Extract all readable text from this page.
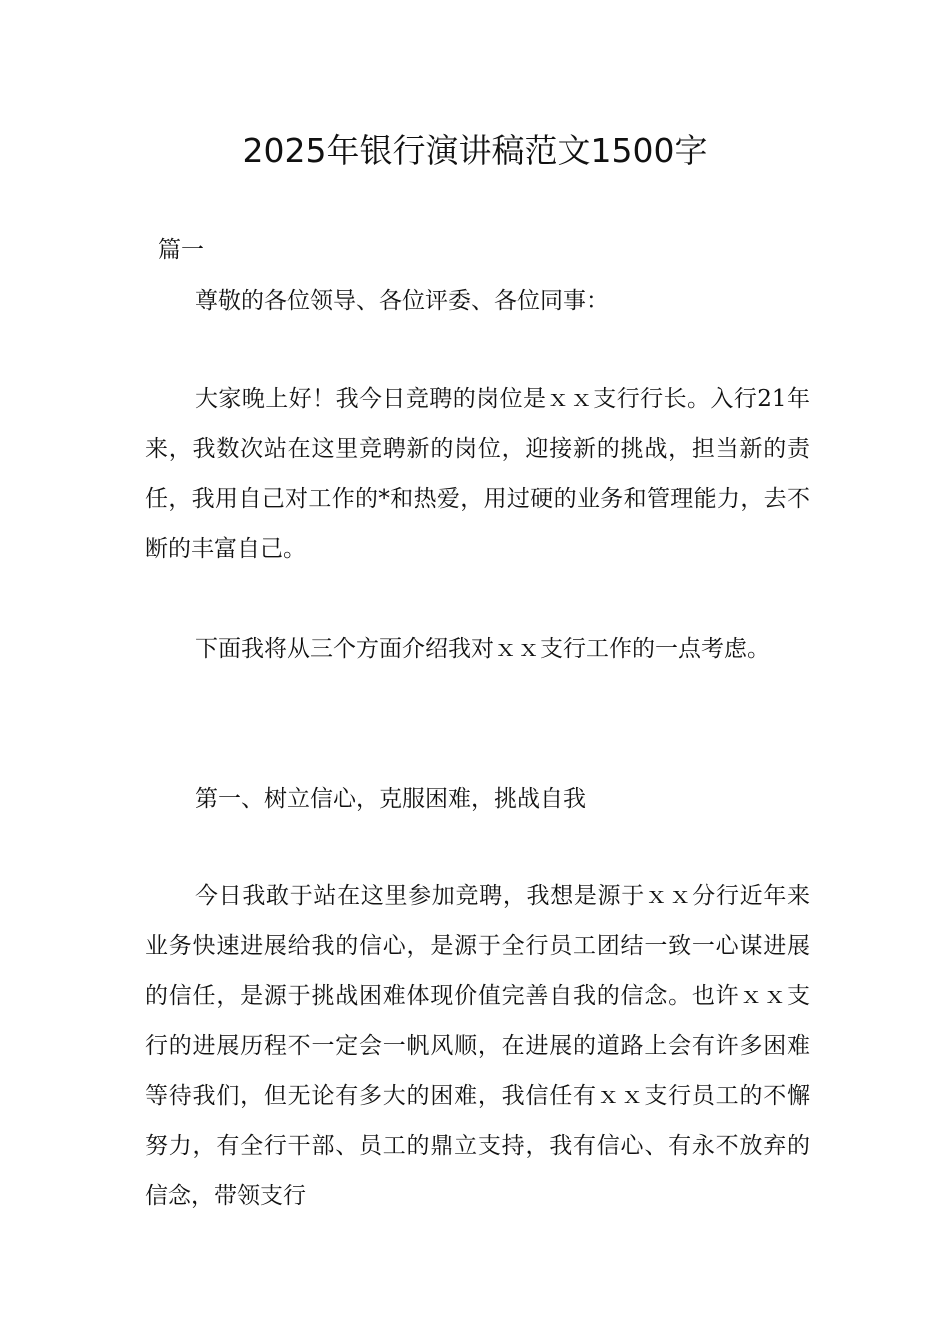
2025年银行演讲稿范文1500字

篇一

尊敬的各位领导、各位评委、各位同事：

大家晚上好！我今日竞聘的岗位是ｘｘ支行行长。入行21年来，我数次站在这里竞聘新的岗位，迎接新的挑战，担当新的责任，我用自己对工作的*和热爱，用过硬的业务和管理能力，去不断的丰富自己。

下面我将从三个方面介绍我对ｘｘ支行工作的一点考虑。

第一、树立信心，克服困难，挑战自我

今日我敢于站在这里参加竞聘，我想是源于ｘｘ分行近年来业务快速进展给我的信心，是源于全行员工团结一致一心谋进展的信任，是源于挑战困难体现价值完善自我的信念。也许ｘｘ支行的进展历程不一定会一帆风顺，在进展的道路上会有许多困难等待我们，但无论有多大的困难，我信任有ｘｘ支行员工的不懈努力，有全行干部、员工的鼎立支持，我有信心、有永不放弃的信念，带领支行
